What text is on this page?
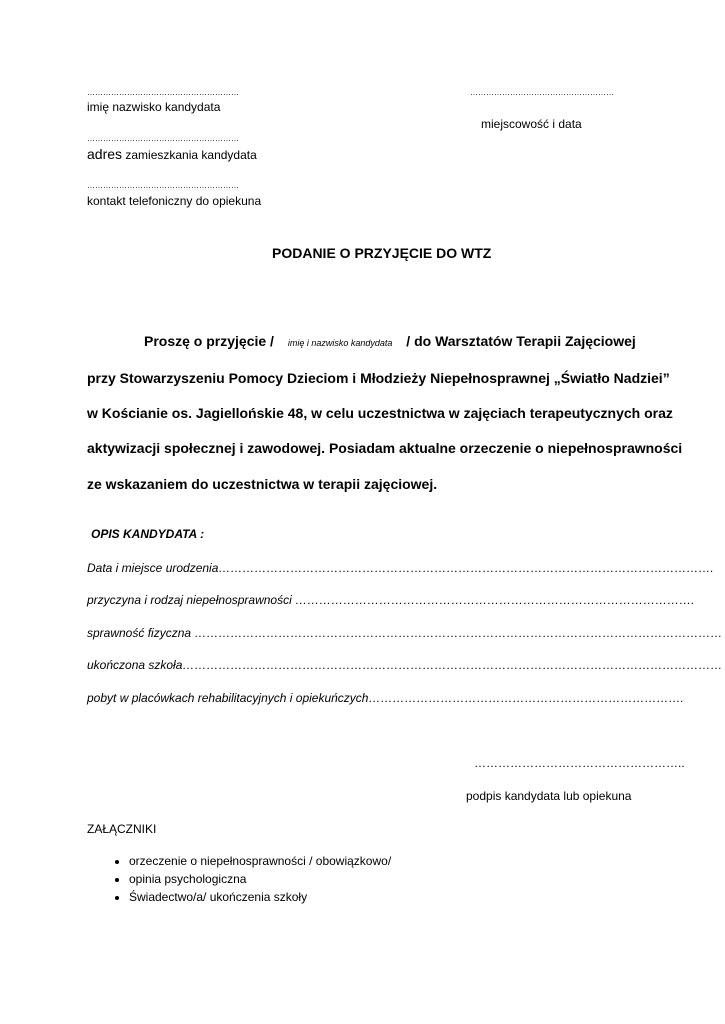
…………………………………………………
imię nazwisko kandydata
…………………………………………………
adres zamieszkania kandydata
…………………………………………………
kontakt telefoniczny do opiekuna
………………………………………………
miejscowość i data
PODANIE O PRZYJĘCIE DO WTZ
Proszę o przyjęcie / imię i nazwisko kandydata / do Warsztatów Terapii Zajęciowej
przy Stowarzyszeniu Pomocy Dzieciom i Młodzieży Niepełnosprawnej „Światło Nadziei”
w Kościanie os. Jagiellońskie 48, w celu uczestnictwa w zajęciach terapeutycznych oraz
aktywizacji społecznej i zawodowej. Posiadam aktualne orzeczenie o niepełnosprawności
ze wskazaniem do uczestnictwa w terapii zajęciowej.
OPIS KANDYDATA :
Data i miejsce urodzenia…………………………………………………………………………………………………………….
przyczyna i rodzaj niepełnosprawności ……………………………………………………………………………………….
sprawność fizyczna ……………………………………………………………………………………………………………………
ukończona szkoła………………………………………………………………………………………………………………………
pobyt w placówkach rehabilitacyjnych i opiekuńczych…………………………………………………………………….
……………………………………………..
podpis kandydata lub opiekuna
ZAŁĄCZNIKI
• orzeczenie o niepełnosprawności / obowiązkowo/
• opinia psychologiczna
• Świadectwo/a/ ukończenia szkoły
